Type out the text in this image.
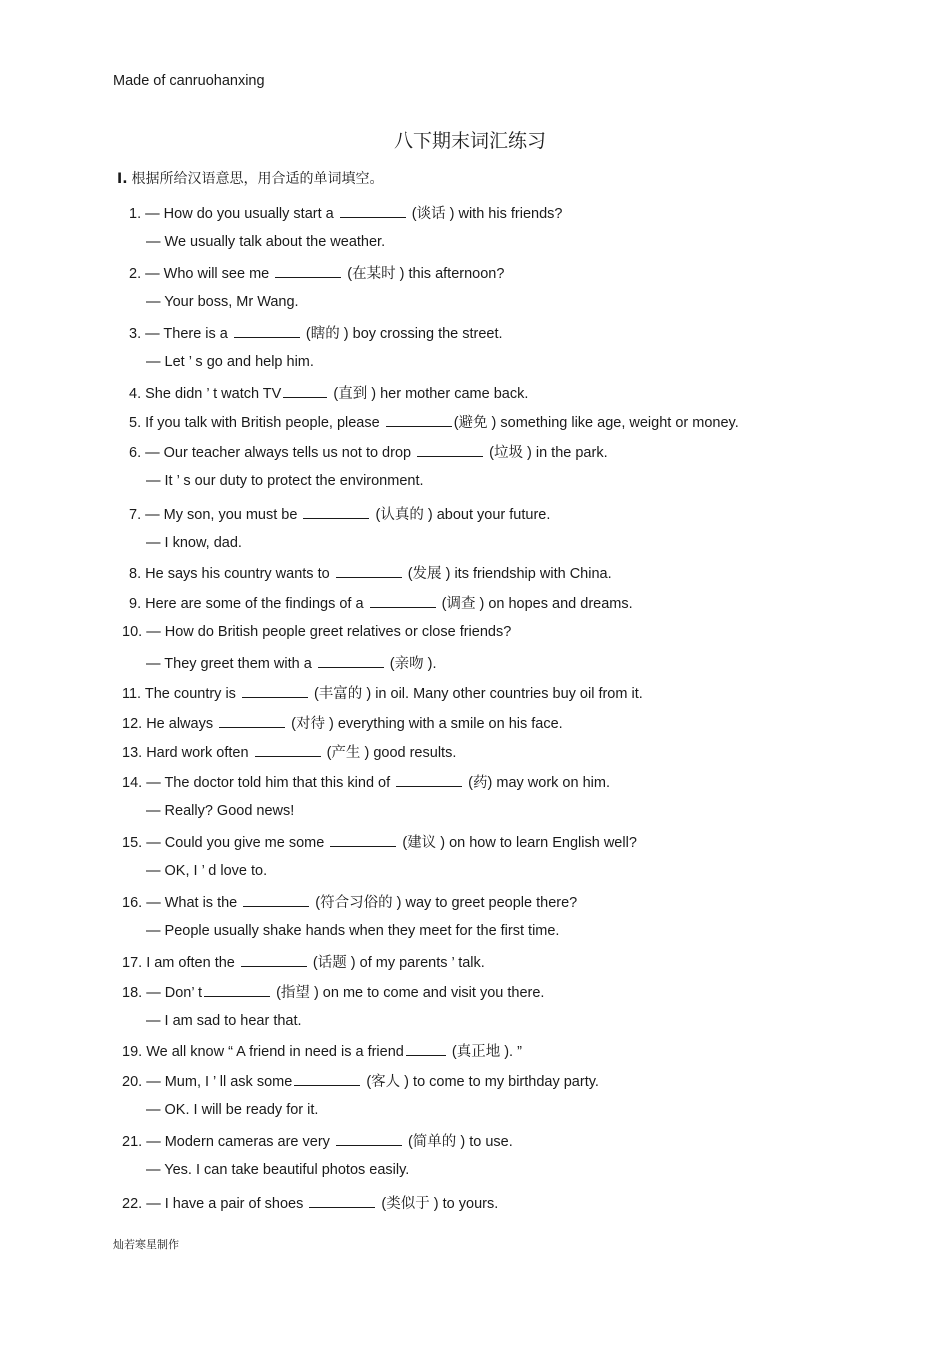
Made of canruohanxing
八下期末词汇练习
Ⅰ. 根据所给汉语意思，用合适的单词填空。
1. — How do you usually start a	(谈话 ) with his friends?
— We usually talk about the weather.
2. — Who will see me	(在某时 ) this afternoon?
— Your boss, Mr Wang.
3. — There is a	(瞎的 ) boy crossing the street.
— Let ’ s go and help him.
4. She didn ’ t watch TV	(直到 ) her mother came back.
5. If you talk with British people, please	(避免 ) something like age, weight or money.
6. — Our teacher always tells us not to drop	(垃圾 ) in the park.
— It ’ s our duty to protect the environment.
7. — My son, you must be	(认真的 ) about your future.
— I know, dad.
8. He says his country wants to	(发展 ) its friendship with China.
9. Here are some of the findings of a	(调查 ) on hopes and dreams.
10. — How do British people greet relatives or close friends?
— They greet them with a	(亲吻 ).
11. The country is	(丰富的 ) in oil. Many other countries buy oil from it.
12. He always	(对待 ) everything with a smile on his face.
13. Hard work often	(产生 ) good results.
14. — The doctor told him that this kind of	(药) may work on him.
— Really? Good news!
15. — Could you give me some	(建议 ) on how to learn English well?
— OK, I ’ d love to.
16. — What is the	(符合习俗的 ) way to greet people there?
— People usually shake hands when they meet for the first time.
17. I am often the	(话题 ) of my parents ’ talk.
18. — Don’ t	(指望 ) on me to come and visit you there.
— I am sad to hear that.
19. We all know “ A friend in need is a friend	(真正地 ). ”
20. — Mum, I ’ ll ask some	(客人 ) to come to my birthday party.
— OK. I will be ready for it.
21. — Modern cameras are very	(简单的 ) to use.
— Yes. I can take beautiful photos easily.
22. — I have a pair of shoes	(类似于 ) to yours.
灿若寒星制作
